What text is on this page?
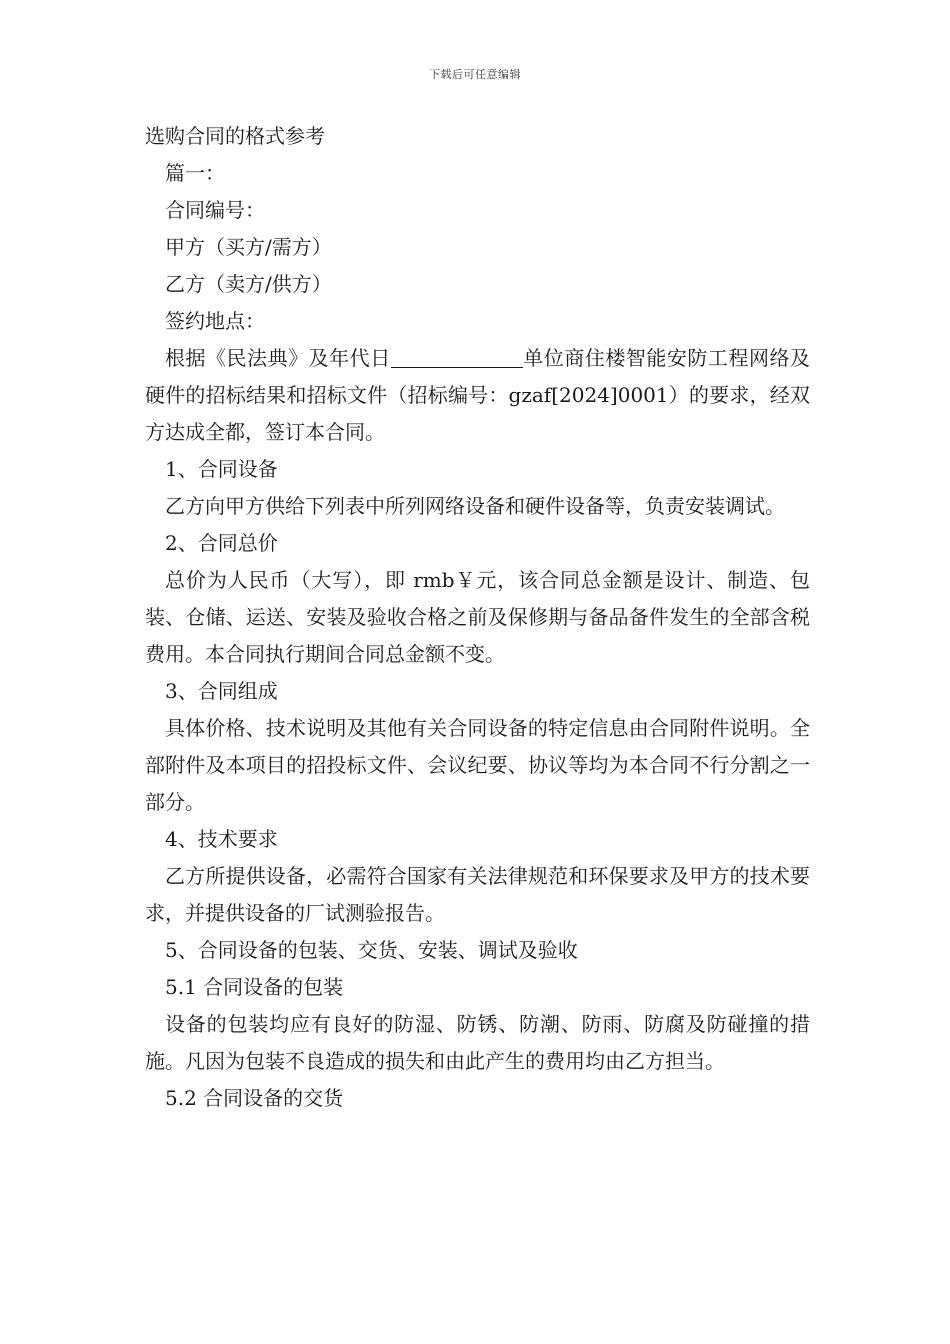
下载后可任意编辑

选购合同的格式参考

篇一：

合同编号：

甲方（买方/需方）

乙方（卖方/供方）

签约地点：

根据《民法典》及年代日	单位商住楼智能安防工程网络及硬件的招标结果和招标文件（招标编号：gzaf[2024]0001）的要求，经双方达成全都，签订本合同。

1、合同设备

乙方向甲方供给下列表中所列网络设备和硬件设备等，负责安装调试。

2、合同总价

总价为人民币（大写），即 rmb￥元，该合同总金额是设计、制造、包装、仓储、运送、安装及验收合格之前及保修期与备品备件发生的全部含税费用。本合同执行期间合同总金额不变。

3、合同组成

具体价格、技术说明及其他有关合同设备的特定信息由合同附件说明。全部附件及本项目的招投标文件、会议纪要、协议等均为本合同不行分割之一部分。

4、技术要求

乙方所提供设备，必需符合国家有关法律规范和环保要求及甲方的技术要求，并提供设备的厂试测验报告。

5、合同设备的包装、交货、安装、调试及验收

5.1 合同设备的包装

设备的包装均应有良好的防湿、防锈、防潮、防雨、防腐及防碰撞的措施。凡因为包装不良造成的损失和由此产生的费用均由乙方担当。

5.2 合同设备的交货
